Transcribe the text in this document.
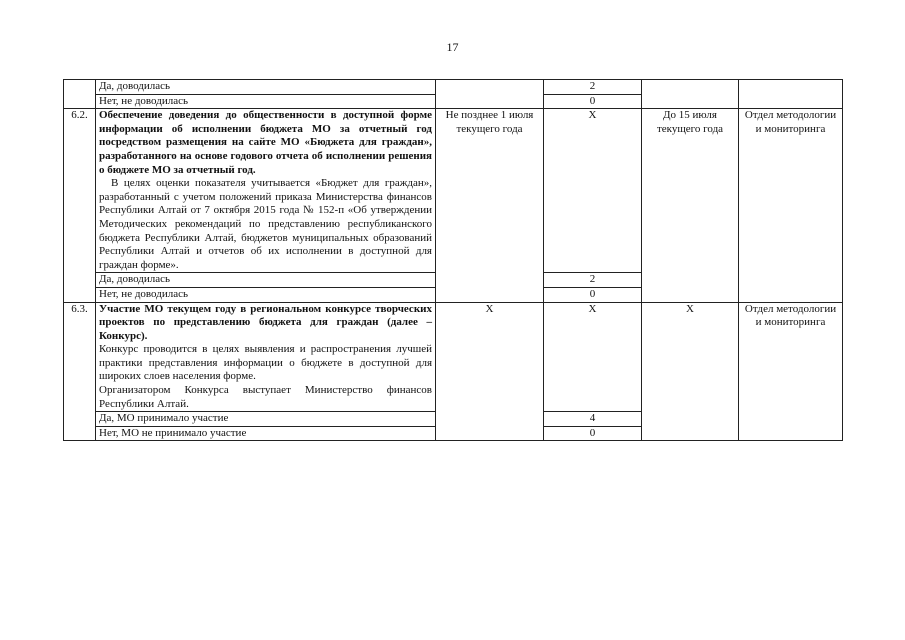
17
	Да, доводилась		2		
	Нет, не доводилась		0		
6.2.	Обеспечение доведения до общественности в доступной форме информации об исполнении бюджета МО за отчетный год посредством размещения на сайте МО «Бюджета для граждан», разработанного на основе годового отчета об исполнении решения о бюджете МО за отчетный год.
В целях оценки показателя учитывается «Бюджет для граждан», разработанный с учетом положений приказа Министерства финансов Республики Алтай от 7 октября 2015 года № 152-п «Об утверждении Методических рекомендаций по представлению республиканского бюджета Республики Алтай, бюджетов муниципальных образований Республики Алтай и отчетов об их исполнении в доступной для граждан форме».	Не позднее 1 июля текущего года	X	До 15 июля текущего года	Отдел методологии и мониторинга
	Да, доводилась		2		
	Нет, не доводилась		0		
6.3.	Участие МО текущем году в региональном конкурсе творческих проектов по представлению бюджета для граждан (далее – Конкурс).
Конкурс проводится в целях выявления и распространения лучшей практики представления информации о бюджете в доступной для широких слоев населения форме.
Организатором Конкурса выступает Министерство финансов Республики Алтай.	X	X	X	Отдел методологии и мониторинга
	Да, МО принимало участие		4		
	Нет, МО не принимало участие		0		
